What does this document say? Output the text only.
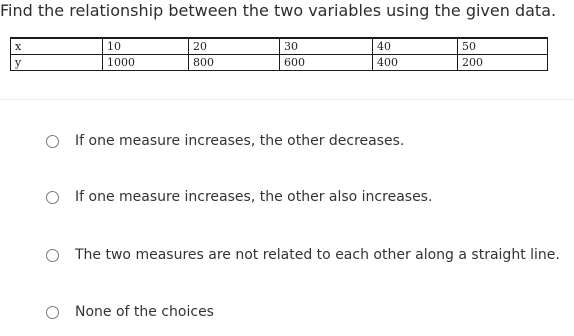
Find the relationship between the two variables using the given data.
x	10	20	30	40	50
y	1000	800	600	400	200
If one measure increases, the other decreases.
If one measure increases, the other also increases.
The two measures are not related to each other along a straight line.
None of the choices
